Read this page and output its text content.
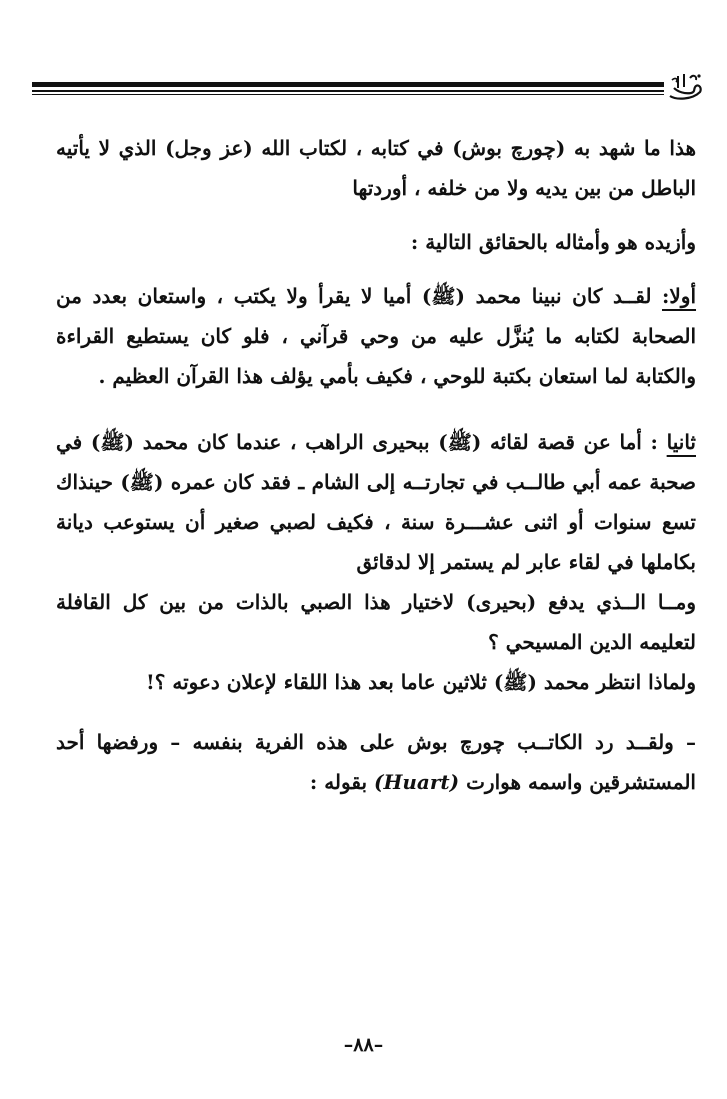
هذا ما شهد به (چورچ بوش) في كتابه ، لكتاب الله (عز وجل) الذي لا يأتيه الباطل من بين يديه ولا من خلفه ، أوردتها

وأزيده هو وأمثاله بالحقائق التالية :

أولا: لقــد كان نبينا محمد (ﷺ) أميا لا يقرأ ولا يكتب ، واستعان بعدد من الصحابة لكتابه ما يُنزَّل عليه من وحي قرآني ، فلو كان يستطيع القراءة والكتابة لما استعان بكتبة للوحي ، فكيف بأمي يؤلف هذا القرآن العظيم .

ثانيا : أما عن قصة لقائه (ﷺ) ببحيرى الراهب ، عندما كان محمد (ﷺ) في صحبة عمه أبي طالــب في تجارتــه إلى الشام ـ فقد كان عمره (ﷺ) حينذاك تسع سنوات أو اثنى عشـــرة سنة ، فكيف لصبي صغير أن يستوعب ديانة بكاملها في لقاء عابر لم يستمر إلا لدقائق

ومــا الــذي يدفع (بحيرى) لاختيار هذا الصبي بالذات من بين كل القافلة لتعليمه الدين المسيحي ؟

ولماذا انتظر محمد (ﷺ) ثلاثين عاما بعد هذا اللقاء لإعلان دعوته ؟!

– ولقــد رد الكاتــب چورچ بوش على هذه الفرية بنفسه – ورفضها أحد المستشرقين واسمه هوارت (Huart) بقوله :

–٨٨–
